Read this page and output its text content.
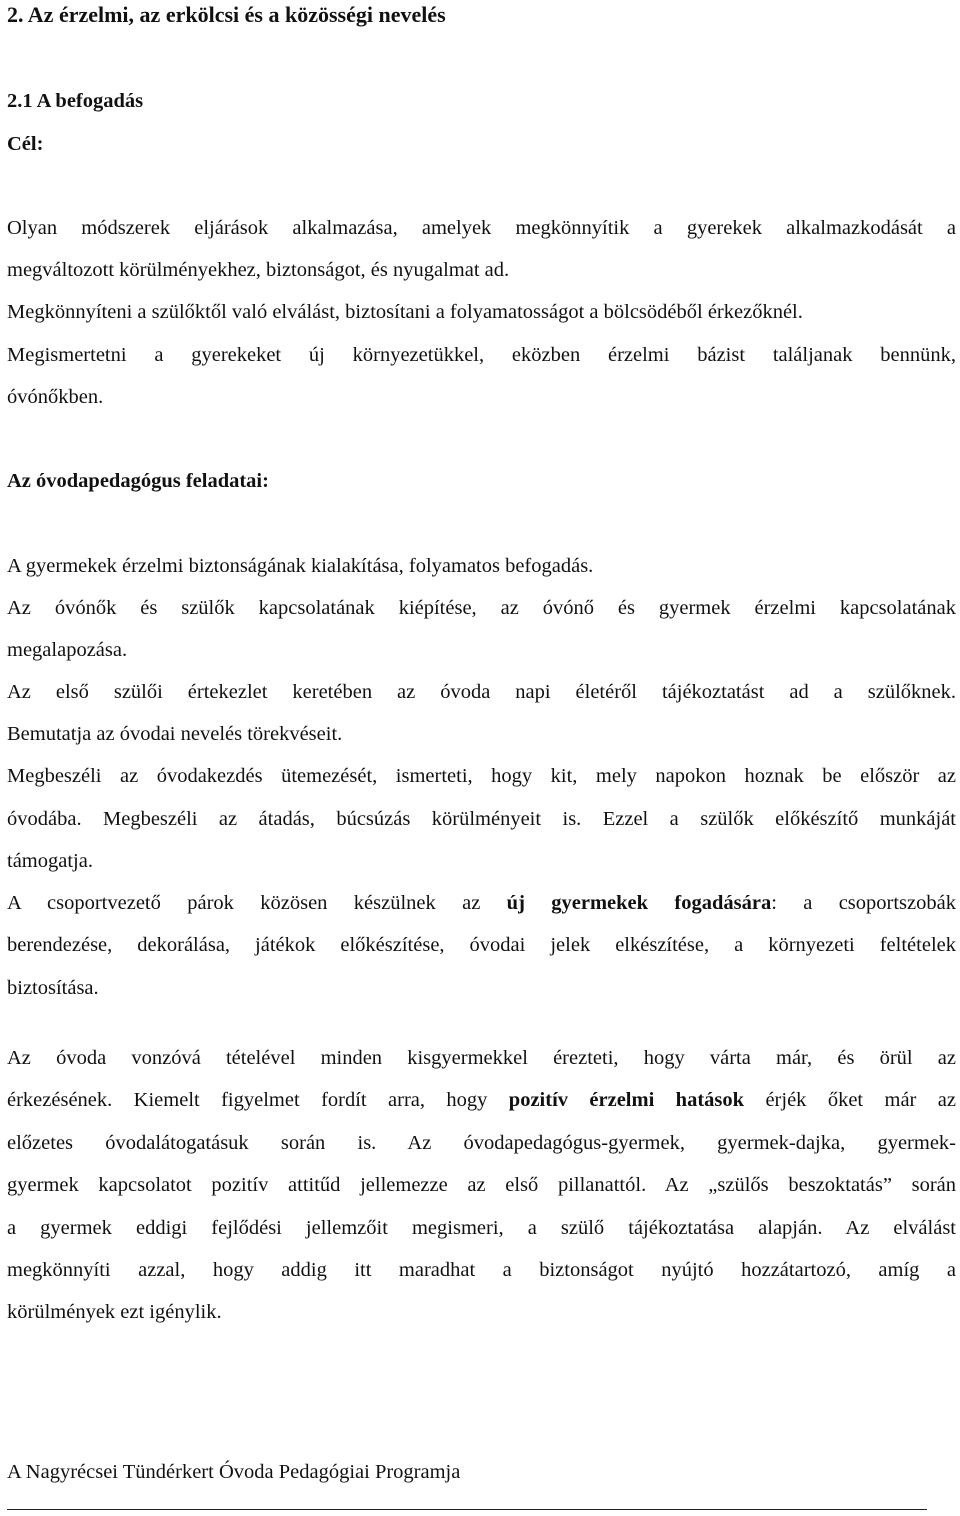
2. Az érzelmi, az erkölcsi és a közösségi nevelés
2.1 A befogadás
Cél:
Olyan módszerek eljárások alkalmazása, amelyek megkönnyítik a gyerekek alkalmazkodását a
megváltozott körülményekhez, biztonságot, és nyugalmat ad.
Megkönnyíteni a szülőktől való elválást, biztosítani a folyamatosságot a bölcsödéből érkezőknél.
Megismertetni a gyerekeket új környezetükkel, eközben érzelmi bázist találjanak bennünk,
óvónőkben.
Az óvodapedagógus feladatai:
A gyermekek érzelmi biztonságának kialakítása, folyamatos befogadás.
Az óvónők és szülők kapcsolatának kiépítése, az óvónő és gyermek érzelmi kapcsolatának
megalapozása.
Az első szülői értekezlet keretében az óvoda napi életéről tájékoztatást ad a szülőknek.
Bemutatja az óvodai nevelés törekvéseit.
Megbeszéli az óvodakezdés ütemezését, ismerteti, hogy kit, mely napokon hoznak be először az
óvodába. Megbeszéli az átadás, búcsúzás körülményeit is. Ezzel a szülők előkészítő munkáját
támogatja.
A csoportvezető párok közösen készülnek az új gyermekek fogadására: a csoportszobák
berendezése, dekorálása, játékok előkészítése, óvodai jelek elkészítése, a környezeti feltételek
biztosítása.
Az óvoda vonzóvá tételével minden kisgyermekkel érezteti, hogy várta már, és örül az
érkezésének. Kiemelt figyelmet fordít arra, hogy pozitív érzelmi hatások érjék őket már az
előzetes óvodalátogatásuk során is. Az óvodapedagógus-gyermek, gyermek-dajka, gyermek-
gyermek kapcsolatot pozitív attitűd jellemezze az első pillanattól. Az „szülős beszoktatás” során
a gyermek eddigi fejlődési jellemzőit megismeri, a szülő tájékoztatása alapján. Az elválást
megkönnyíti azzal, hogy addig itt maradhat a biztonságot nyújtó hozzátartozó, amíg a
körülmények ezt igénylik.
A Nagyrécsei Tündérkert Óvoda Pedagógiai Programja
